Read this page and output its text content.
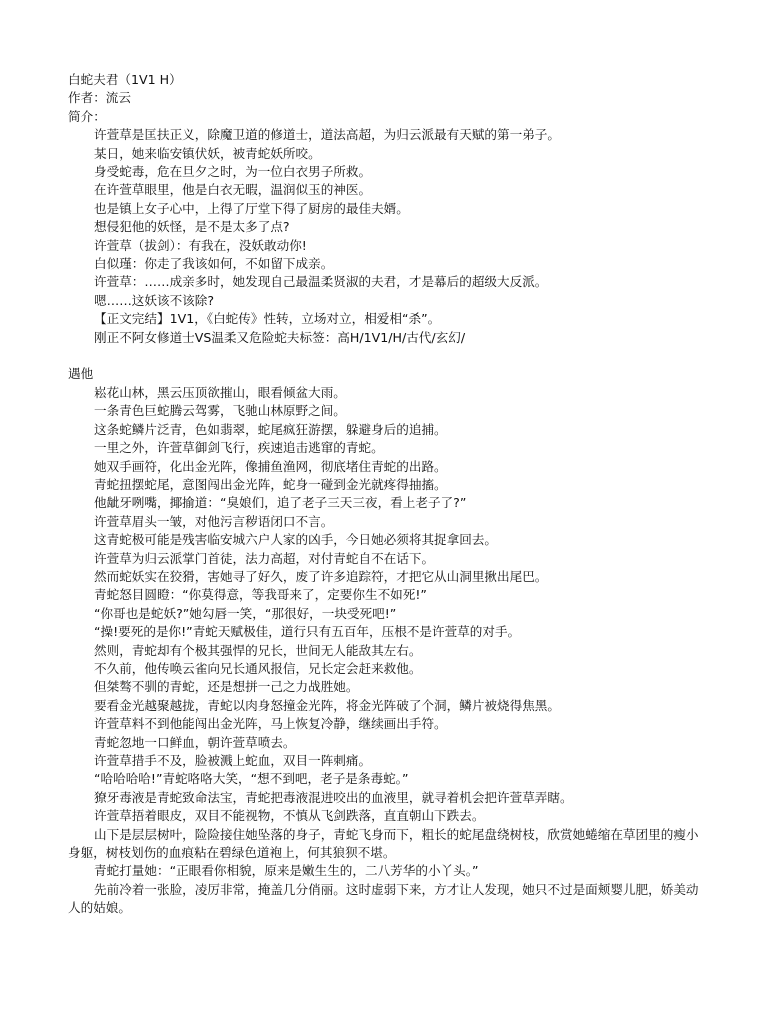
白蛇夫君（1V1 H）
作者：流云
简介：
许萱草是匡扶正义，除魔卫道的修道士，道法高超，为归云派最有天赋的第一弟子。
某日，她来临安镇伏妖，被青蛇妖所咬。
身受蛇毒，危在旦夕之时，为一位白衣男子所救。
在许萱草眼里，他是白衣无暇，温润似玉的神医。
也是镇上女子心中，上得了厅堂下得了厨房的最佳夫婿。
想侵犯他的妖怪，是不是太多了点?
许萱草（拔剑）：有我在，没妖敢动你!
白似瑾：你走了我该如何，不如留下成亲。
许萱草：……成亲多时，她发现自己最温柔贤淑的夫君，才是幕后的超级大反派。
嗯……这妖该不该除?
【正文完结】1V1，《白蛇传》性转，立场对立，相爱相“杀”。
刚正不阿女修道士VS温柔又危险蛇夫标签：高H/1V1/H/古代/玄幻/
遇他
崧花山林，黑云压顶欲摧山，眼看倾盆大雨。
一条青色巨蛇腾云驾雾，飞驰山林原野之间。
这条蛇鳞片泛青，色如翡翠，蛇尾疯狂游摆，躲避身后的追捕。
一里之外，许萱草御剑飞行，疾速追击逃窜的青蛇。
她双手画符，化出金光阵，像捕鱼渔网，彻底堵住青蛇的出路。
青蛇扭摆蛇尾，意图闯出金光阵，蛇身一碰到金光就疼得抽搐。
他龇牙咧嘴，揶揄道：“臭娘们，追了老子三天三夜，看上老子了?”
许萱草眉头一皱，对他污言秽语闭口不言。
这青蛇极可能是残害临安城六户人家的凶手，今日她必须将其捉拿回去。
许萱草为归云派掌门首徒，法力高超，对付青蛇自不在话下。
然而蛇妖实在狡猾，害她寻了好久，废了许多追踪符，才把它从山洞里揪出尾巴。
青蛇怒目圆瞪：“你莫得意，等我哥来了，定要你生不如死!”
“你哥也是蛇妖?”她勾唇一笑，“那很好，一块受死吧!”
“操!要死的是你!”青蛇天赋极佳，道行只有五百年，压根不是许萱草的对手。
然则，青蛇却有个极其强悍的兄长，世间无人能敌其左右。
不久前，他传唤云雀向兄长通风报信，兄长定会赶来救他。
但桀骜不驯的青蛇，还是想拼一己之力战胜她。
要看金光越聚越拢，青蛇以肉身怒撞金光阵，将金光阵破了个洞，鳞片被烧得焦黑。
许萱草料不到他能闯出金光阵，马上恢复冷静，继续画出手符。
青蛇忽地一口鲜血，朝许萱草喷去。
许萱草措手不及，脸被溅上蛇血，双目一阵刺痛。
“哈哈哈哈!”青蛇咯咯大笑，“想不到吧，老子是条毒蛇。”
獠牙毒液是青蛇致命法宝，青蛇把毒液混进咬出的血液里，就寻着机会把许萱草弄瞎。
许萱草捂着眼皮，双目不能视物，不慎从飞剑跌落，直直朝山下跌去。
山下是层层树叶，险险接住她坠落的身子，青蛇飞身而下，粗长的蛇尾盘绕树枝，欣赏她蜷缩在草团里的瘦小身躯，树枝划伤的血痕粘在碧绿色道袍上，何其狼狈不堪。
青蛇打量她：“正眼看你相貌，原来是嫩生生的，二八芳华的小丫头。”
先前冷着一张脸，凌厉非常，掩盖几分俏丽。这时虚弱下来，方才让人发现，她只不过是面颊婴儿肥，娇美动人的姑娘。
